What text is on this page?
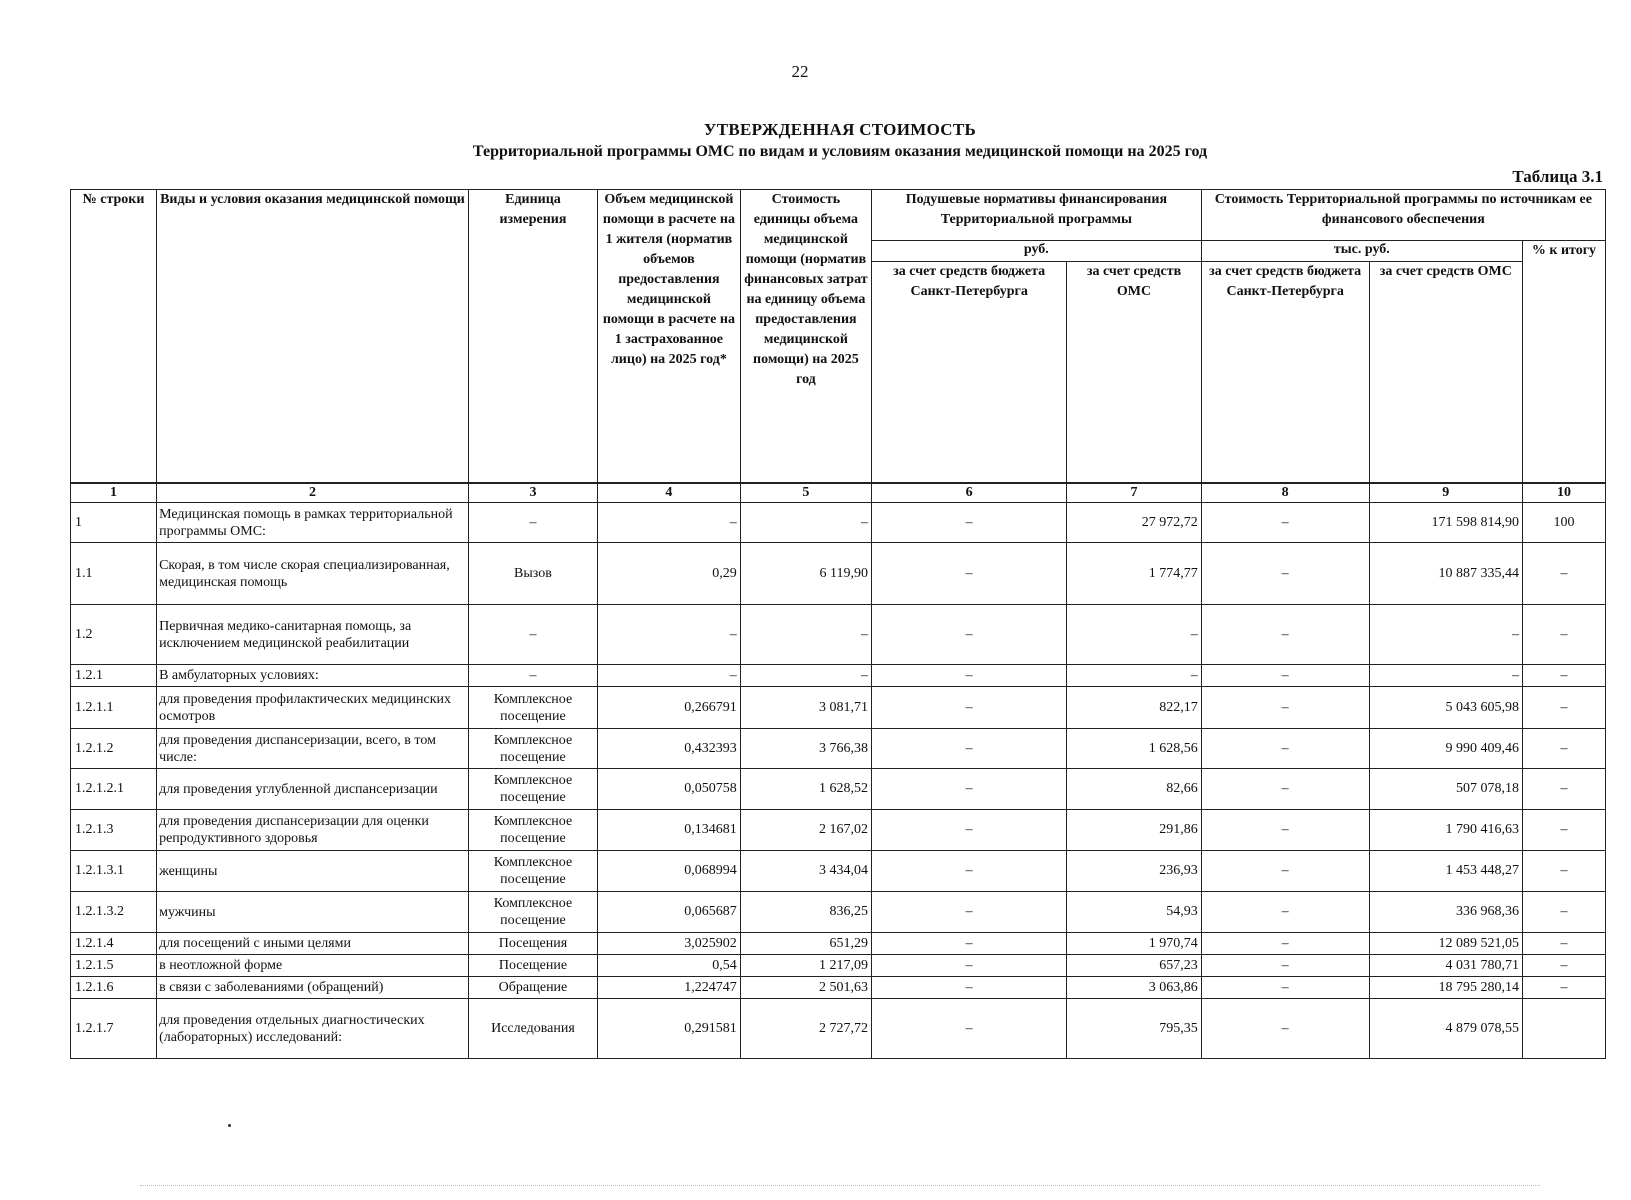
22
УТВЕРЖДЕННАЯ СТОИМОСТЬ
Территориальной программы ОМС по видам и условиям оказания медицинской помощи на 2025 год
Таблица 3.1
№ строки	Виды и условия оказания медицинской помощи	Единица измерения	Объем медицинской помощи в расчете на 1 жителя (норматив объемов предоставления медицинской помощи в расчете на 1 застрахованное лицо) на 2025 год*	Стоимость единицы объема медицинской помощи (норматив финансовых затрат на единицу объема предоставления медицинской помощи) на 2025 год	Подушевые нормативы финансирования Территориальной программы		Стоимость Территориальной программы по источникам ее финансового обеспечения		
					руб.		тыс. руб.		% к итогу
					за счет средств бюджета Санкт-Петербурга	за счет средств ОМС	за счет средств бюджета Санкт-Петербурга	за счет средств ОМС	
1	2	3	4	5	6	7	8	9	10
1	Медицинская помощь в рамках территориальной программы ОМС:	–	–	–	–	27 972,72	–	171 598 814,90	100
1.1	Скорая, в том числе скорая специализированная, медицинская помощь	Вызов	0,29	6 119,90	–	1 774,77	–	10 887 335,44	–
1.2	Первичная медико-санитарная помощь, за исключением медицинской реабилитации	–	–	–	–	–	–	–	–
1.2.1	В амбулаторных условиях:	–	–	–	–	–	–	–	–
1.2.1.1	для проведения профилактических медицинских осмотров	Комплексное посещение	0,266791	3 081,71	–	822,17	–	5 043 605,98	–
1.2.1.2	для проведения диспансеризации, всего, в том числе:	Комплексное посещение	0,432393	3 766,38	–	1 628,56	–	9 990 409,46	–
1.2.1.2.1	для проведения углубленной диспансеризации	Комплексное посещение	0,050758	1 628,52	–	82,66	–	507 078,18	–
1.2.1.3	для проведения диспансеризации для оценки репродуктивного здоровья	Комплексное посещение	0,134681	2 167,02	–	291,86	–	1 790 416,63	–
1.2.1.3.1	женщины	Комплексное посещение	0,068994	3 434,04	–	236,93	–	1 453 448,27	–
1.2.1.3.2	мужчины	Комплексное посещение	0,065687	836,25	–	54,93	–	336 968,36	–
1.2.1.4	для посещений с иными целями	Посещения	3,025902	651,29	–	1 970,74	–	12 089 521,05	–
1.2.1.5	в неотложной форме	Посещение	0,54	1 217,09	–	657,23	–	4 031 780,71	–
1.2.1.6	в связи с заболеваниями (обращений)	Обращение	1,224747	2 501,63	–	3 063,86	–	18 795 280,14	–
1.2.1.7	для проведения отдельных диагностических (лабораторных) исследований:	Исследования	0,291581	2 727,72	–	795,35	–	4 879 078,55	
